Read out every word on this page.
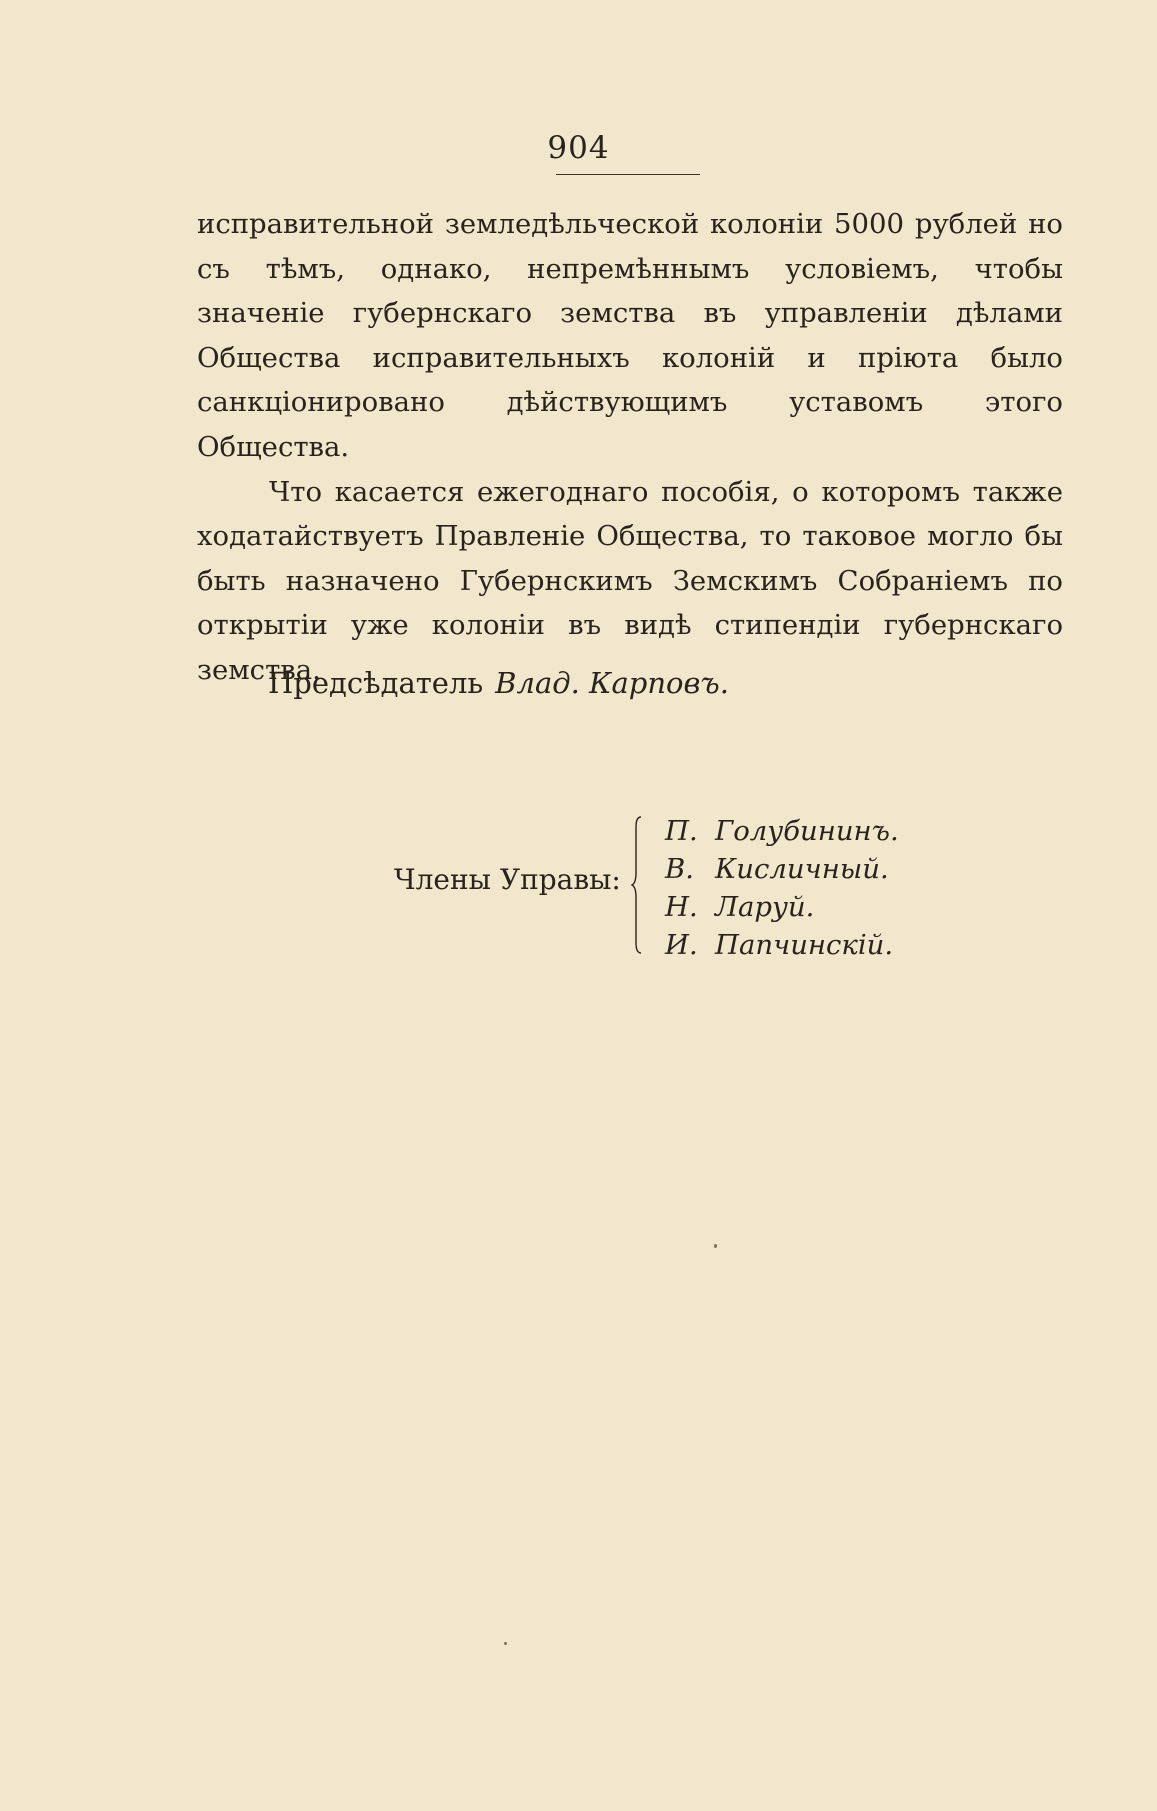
904

исправительной земледѣльческой колоніи 5000 рублей но съ тѣмъ, однако, непремѣннымъ условіемъ, чтобы значеніе губернскаго земства въ управленіи дѣлами Общества исправительныхъ колоній и пріюта было санкціонировано дѣйствующимъ уставомъ этого Общества.

Что касается ежегоднаго пособія, о которомъ также ходатайствуетъ Правленіе Общества, то таковое могло бы быть назначено Губернскимъ Земскимъ Собраніемъ по открытіи уже колоніи въ видѣ стипендіи губернскаго земства.

Предсѣдатель Влад. Карповъ.
Члены Управы:
П. Голубининъ.
В. Кисличный.
Н. Ларуй.
И. Папчинскій.
